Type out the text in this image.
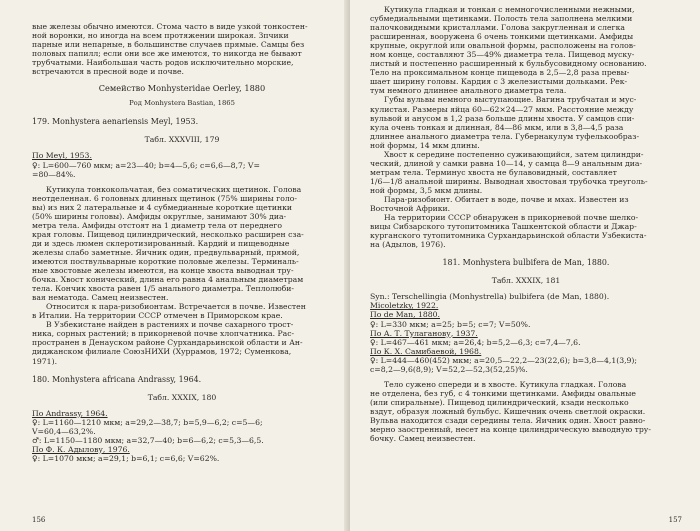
вые железы обычно имеются. Стома часто в виде узкой тонкостен-

ной воронки, но иногда на всем протяжении широкая. Зпчики

парные или непарные, в большинстве случаев прямые. Самцы без

половых папилл; если они все же имеются, то никогда не бывают

трубчатыми. Наибольшая часть родов исключительно морские,

встречаются в пресной воде и почве.

Семейство Monhysteridae Oerley, 1880
Род Monhystera Bastian, 1865
179. Monhystera aenariensis Meyl, 1953.
Табл. XXXVIII, 179

По Meyl, 1953.

♀: L=600—760 мкм; a=23—40; b=4—5,6; c=6,6—8,7; V=

=80—84%.

Кутикула тонкокольчатая, без соматических щетинок. Голова

неотделенная. 6 головных длинных щетинок (75% ширины голо-

вы) из них 2 латеральные и 4 субмедианные короткие щетинки

(50% ширины головы). Амфиды округлые, занимают 30% диа-

метра тела. Амфиды отстоят на 1 диаметр тела от переднего

края головы. Пищевод цилиндрический, несколько расширен сза-

ди и здесь люмен склеротизированный. Кардий и пищеводные

железы слабо заметные. Яичник один, предвульварный, прямой,

имеются поствульварные короткие половые железы. Терминаль-

ные хвостовые железы имеются, на конце хвоста выводная тру-

бочка. Хвост конический, длина его равна 4 анальным диаметрам

тела. Кончик хвоста равен 1/5 анального диаметра. Теплолюби-

вая нематода. Самец неизвестен.

Относится к пара-ризобионтам. Встречается в почве. Известен

в Италии. На территории СССР отмечен в Приморском крае.

В Узбекистане найден в растениях и почве сахарного трост-

ника, сорных растений; в прикорневой почве хлопчатника. Рас-

пространен в Денауском районе Сурхандарьинской области и Ан-

диджанском филиале СоюзНИХИ (Хуррамов, 1972; Суменкова,

1971).

180. Monhystera africana Andrassy, 1964.
Табл. XXXIX, 180

По Andrassy, 1964.

♀: L=1160—1210 мкм; a=29,2—38,7; b=5,9—6,2; c=5—6;

V=60,4—63,2%.

♂: L=1150—1180 мкм; a=32,7—40; b=6—6,2; c=5,3—6,5.

По Ф. К. Адылову, 1976.

♀: L=1070 мкм; a=29,1; b=6,1; c=6,6; V=62%.

156

Кутикула гладкая и тонкая с немногочисленными нежными,

субмедиальными щетинками. Полость тела заполнена мелкими

палочковидными кристаллами. Голова закругленная и слегка

расширенная, вооружена 6 очень тонкими щетинками. Амфиды

крупные, округлой или овальной формы, расположены на голов-

ном конце, составляют 35—49% диаметра тела. Пищевод муску-

листый и постепенно расширенный к бульбусовидному основанию.

Тело на проксимальном конце пищевода в 2,5—2,8 раза превы-

шает ширину головы. Кардия с 3 железистыми дольками. Рек-

тум немного длиннее анального диаметра тела.

Губы вульвы немного выступающие. Вагина трубчатая и мус-

кулистая. Размеры яйца 60—62×24—27 мкм. Расстояние между

вульвой и анусом в 1,2 раза больше длины хвоста. У самцов спи-

кула очень тонкая и длинная, 84—86 мкм, или в 3,8—4,5 раза

длиннее анального диаметра тела. Губернакулум туфелькообраз-

ной формы, 14 мкм длины.

Хвост к середине постепенно суживающийся, затем цилиндри-

ческий, длиной у самки равна 10—14, у самца 8—9 анальным диа-

метрам тела. Терминус хвоста не булавовидный, составляет

1/6—1/8 анальной ширины. Выводная хвостовая трубочка треуголь-

ной формы, 3,5 мкм длины.

Пара-ризобионт. Обитает в воде, почве и мхах. Известен из

Восточной Африки.

На территории СССР обнаружен в прикорневой почве шелко-

вицы Сибзарского тутопитомника Ташкентской области и Джар-

курганского тутопитомника Сурхандарьинской области Узбекиста-

на (Адылов, 1976).

181. Monhystera bulbifera de Man, 1880.
Табл. XXXIX, 181

Syn.: Terschellingia (Monhystrella) bulbifera (de Man, 1880).

Micoletzky, 1922.

По de Man, 1880.

♀: L=330 мкм; a=25; b=5; c=7; V=50%.

По А. Т. Тулаганову, 1937.

♀: L=467—461 мкм; a=26,4; b=5,2—6,3; c=7,4—7,6.

По К. Х. Самибаевой, 1968.

♀: L=444—460(452) мкм; a=20,5—22,2—23(22,6); b=3,8—4,1(3,9);

c=8,2—9,6(8,9); V=52,2—52,3(52,25)%.

Тело сужено спереди и в хвосте. Кутикула гладкая. Голова

не отделена, без губ, с 4 тонкими щетинками. Амфиды овальные

(или спиральные). Пищевод цилиндрический, кзади несколько

вздут, образуя ложный бульбус. Кишечник очень светлой окраски.

Вульва находится сзади середины тела. Яичник один. Хвост равно-

мерно заостренный, несет на конце цилиндрическую выводную тру-

бочку. Самец неизвестен.

157
